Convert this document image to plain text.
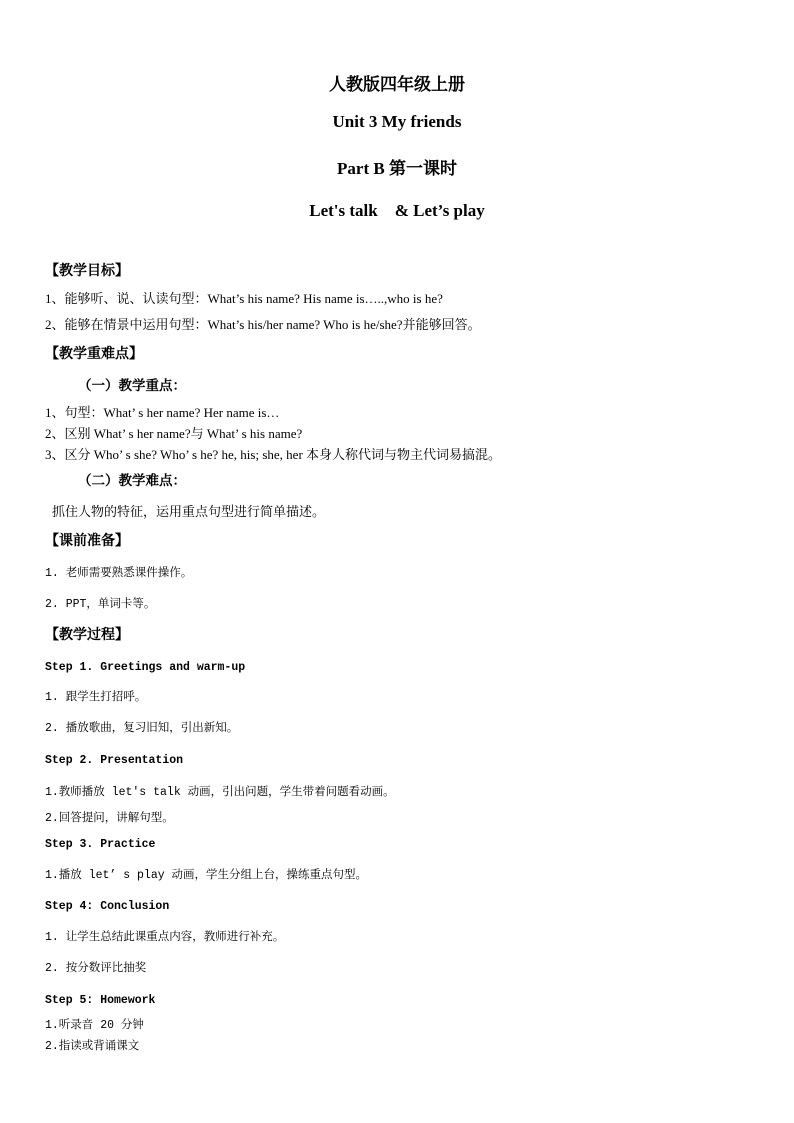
人教版四年级上册
Unit 3 My friends
Part B 第一课时
Let's talk　& Let’s play
【教学目标】
1、能够听、说、认读句型：What’s his name? His name is…..,who is he?
2、能够在情景中运用句型：What’s his/her name? Who is he/she?并能够回答。
【教学重难点】
（一）教学重点：
1、句型：What’ s her name? Her name is…
2、区别 What’ s her name?与 What’ s his name?
3、区分 Who’ s she? Who’ s he? he, his; she, her 本身人称代词与物主代词易搞混。
（二）教学难点：
抓住人物的特征，运用重点句型进行简单描述。
【课前准备】
1. 老师需要熟悉课件操作。
2. PPT，单词卡等。
【教学过程】
Step 1. Greetings and warm-up
1. 跟学生打招呼。
2. 播放歌曲，复习旧知，引出新知。
Step 2. Presentation
1.教师播放 let's talk 动画，引出问题，学生带着问题看动画。
2.回答提问，讲解句型。
Step 3. Practice
1.播放 let’ s play 动画，学生分组上台，操练重点句型。
Step 4: Conclusion
1. 让学生总结此课重点内容，教师进行补充。
2. 按分数评比抽奖
Step 5: Homework
1.听录音 20 分钟
2.指读或背诵课文
